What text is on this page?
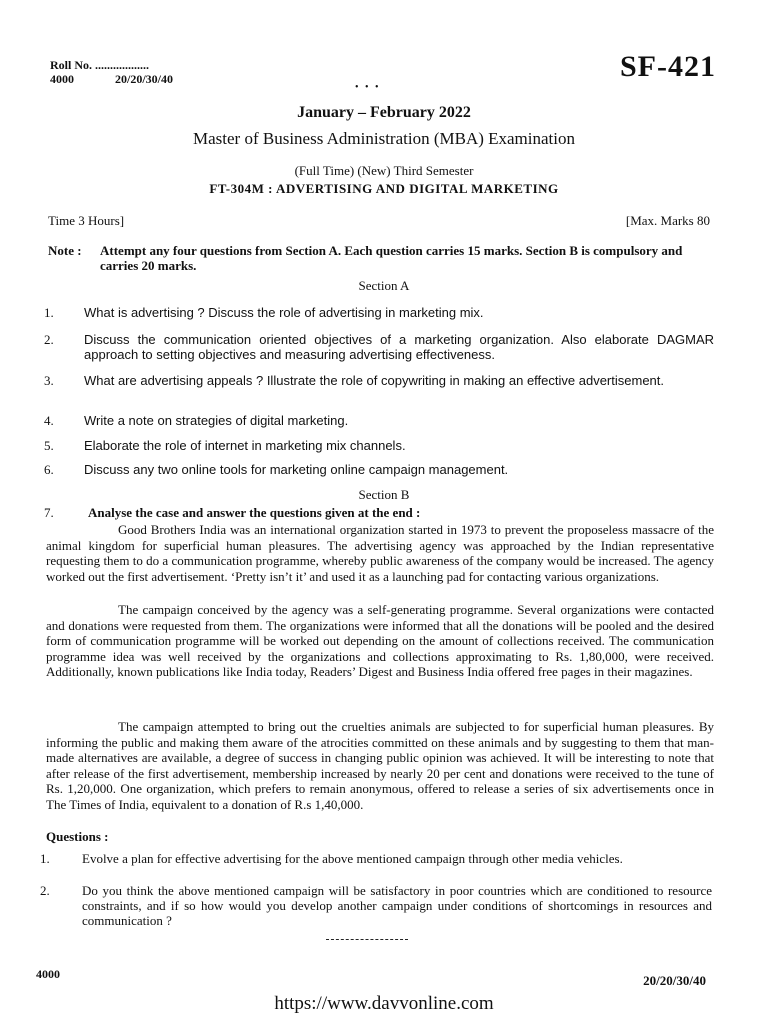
Roll No. ..................
4000	20/20/30/40	SF-421
• • •
January – February 2022
Master of Business Administration (MBA) Examination
(Full Time) (New) Third Semester
FT-304M : ADVERTISING AND DIGITAL MARKETING
Time 3 Hours]	[Max. Marks 80
Note :	Attempt any four questions from Section A. Each question carries 15 marks. Section B is compulsory and carries 20 marks.
Section A
1.	What is advertising ? Discuss the role of advertising in marketing mix.
2.	Discuss the communication oriented objectives of a marketing organization. Also elaborate DAGMAR approach to setting objectives and measuring advertising effectiveness.
3.	What are advertising appeals ? Illustrate the role of copywriting in making an effective advertisement.
4.	Write a note on strategies of digital marketing.
5.	Elaborate the role of internet in marketing mix channels.
6.	Discuss any two online tools for marketing online campaign management.
Section B
7.	Analyse the case and answer the questions given at the end :

Good Brothers India was an international organization started in 1973 to prevent the proposeless massacre of the animal kingdom for superficial human pleasures. The advertising agency was approached by the Indian representative requesting them to do a communication programme, whereby public awareness of the company would be increased. The agency worked out the first advertisement. ‘Pretty isn’t it’ and used it as a launching pad for contacting various organizations.

The campaign conceived by the agency was a self-generating programme. Several organizations were contacted and donations were requested from them. The organizations were informed that all the donations will be pooled and the desired form of communication programme will be worked out depending on the amount of collections received. The communication programme idea was well received by the organizations and collections approximating to Rs. 1,80,000, were received. Additionally, known publications like India today, Readers’ Digest and Business India offered free pages in their magazines.

The campaign attempted to bring out the cruelties animals are subjected to for superficial human pleasures. By informing the public and making them aware of the atrocities committed on these animals and by suggesting to them that man-made alternatives are available, a degree of success in changing public opinion was achieved. It will be interesting to note that after release of the first advertisement, membership increased by nearly 20 per cent and donations were received to the tune of Rs. 1,20,000. One organization, which prefers to remain anonymous, offered to release a series of six advertisements once in The Times of India, equivalent to a donation of R.s 1,40,000.

Questions :
1.	Evolve a plan for effective advertising for the above mentioned campaign through other media vehicles.
2.	Do you think the above mentioned campaign will be satisfactory in poor countries which are conditioned to resource constraints, and if so how would you develop another campaign under conditions of shortcomings in resources and communication ?
4000	20/20/30/40
https://www.davvonline.com
